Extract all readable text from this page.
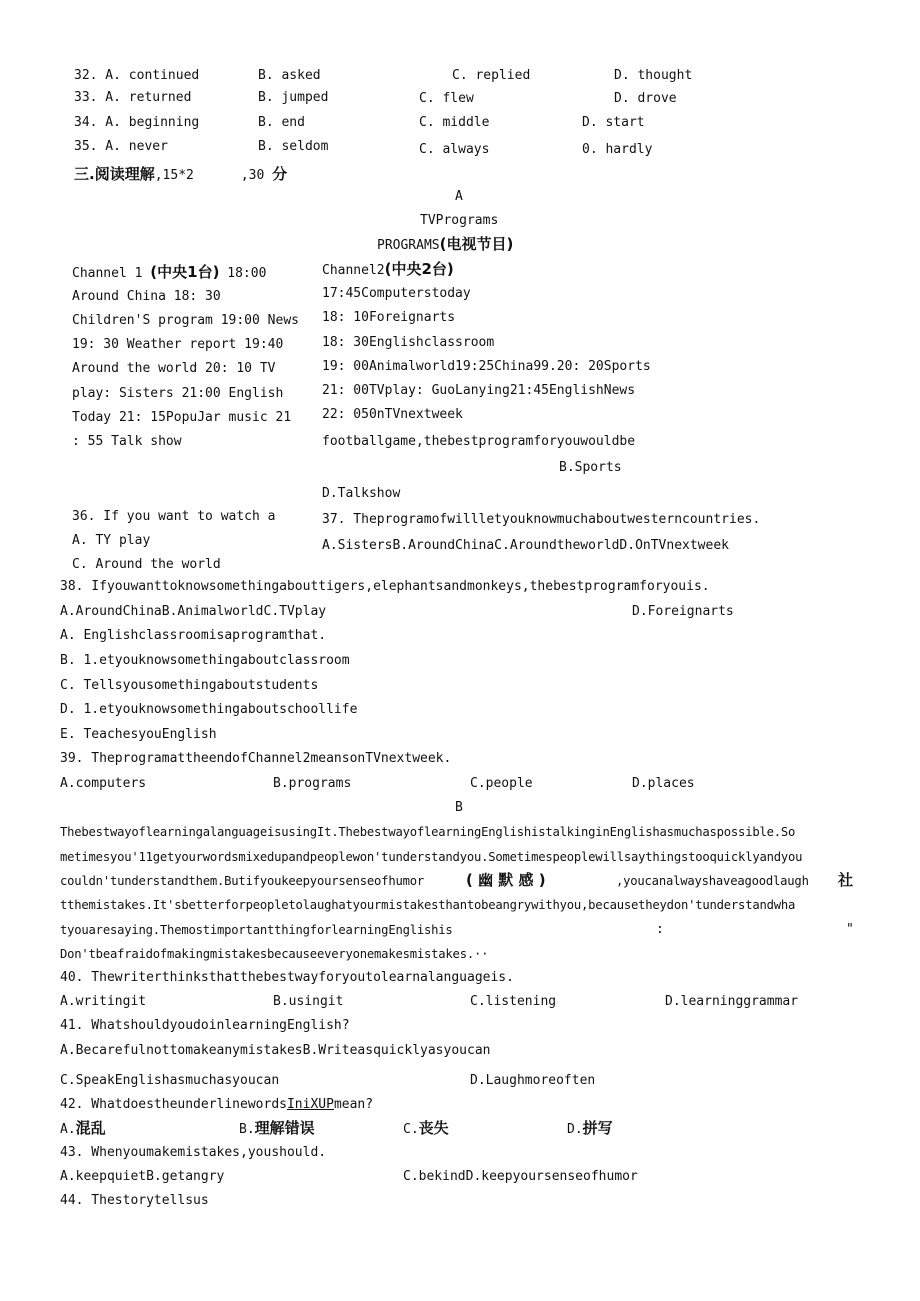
32. A. continued	B. asked	C. replied	D. thought
33. A. returned	B. jumped	C. flew	D. drove
34. A. beginning	B. end	C. middle	D. start
35. A. never	B. seldom	C. always	0. hardly
三.阅读理解,15*2	,30 分
A
TVPrograms
PROGRAMS(电视节目)
Channel 1 (中央1台) 18:00
Around China 18: 30
Children'S program 19:00 News
19: 30 Weather report 19:40
Around the world 20: 10 TV
play: Sisters 21:00 English
Today 21: 15PopuJar music 21
: 55 Talk show
Channel2(中央2台)
17:45Computerstoday
18: 10Foreignarts
18: 30Englishclassroom
19: 00Animalworld19:25China99.20: 20Sports
21: 00TVplay: GuoLanying21:45EnglishNews
22: 050nTVnextweek
footballgame,thebestprogramforyouwouldbe
B.Sports
D.Talkshow
36. If you want to watch a
A. TY play
C. Around the world
37. Theprogramofwillletyouknowmuchaboutwesterncountries.
A.SistersB.AroundChinaC.AroundtheworldD.OnTVnextweek
38. Ifyouwanttoknowsomethingabouttigers,elephantsandmonkeys,thebestprogramforyouis.
A.AroundChinaB.AnimalworldC.TVplay	D.Foreignarts
A. Englishclassroomisaprogramthat.
B. 1.etyouknowsomethingaboutclassroom
C. Tellsyousomethingaboutstudents
D. 1.etyouknowsomethingaboutschoollife
E. TeachesyouEnglish
39. TheprogramattheendofChannel2meansonTVnextweek.
A.computers	B.programs	C.people	D.places
B
ThebestwayoflearningalanguageisusingIt.ThebestwayoflearningEnglishistalkinginEnglishasmuchaspossible.So
metimesyou'11getyourwordsmixedupandpeoplewon'tunderstandyou.Sometimespeoplewillsaythingstooquicklyandyou
couldn'tunderstandthem.Butifyoukeepyoursenseofhumor	( 幽 默 感 )	,youcanalwayshaveagoodlaugh 社
tthemistakes.It'sbetterforpeopletolaughatyourmistakesthantobeangrywithyou,becausetheydon'tunderstandwha
tyouaresaying.ThemostimportantthingforlearningEnglishis	:	"
Don'tbeafraidofmakingmistakesbecauseeveryonemakesmistakes.··
40. Thewriterthinksthatthebestwayforyoutolearnalanguageis.
A.writingit	B.usingit	C.listening	D.learninggrammar
41. WhatshouldyoudoinlearningEnglish?
A.BecarefulnottomakeanymistakesB.Writeasquicklyasyoucan
C.SpeakEnglishasmuchasyoucan	D.Laughmoreoften
42. WhatdoestheunderlinewordsIniXUPmean?
A.混乱	B.理解错误	C.丧失	D.拼写
43. Whenyoumakemistakes,youshould.
A.keepquietB.getangry	C.bekindD.keepyoursenseofhumor
44. Thestorytellsus
